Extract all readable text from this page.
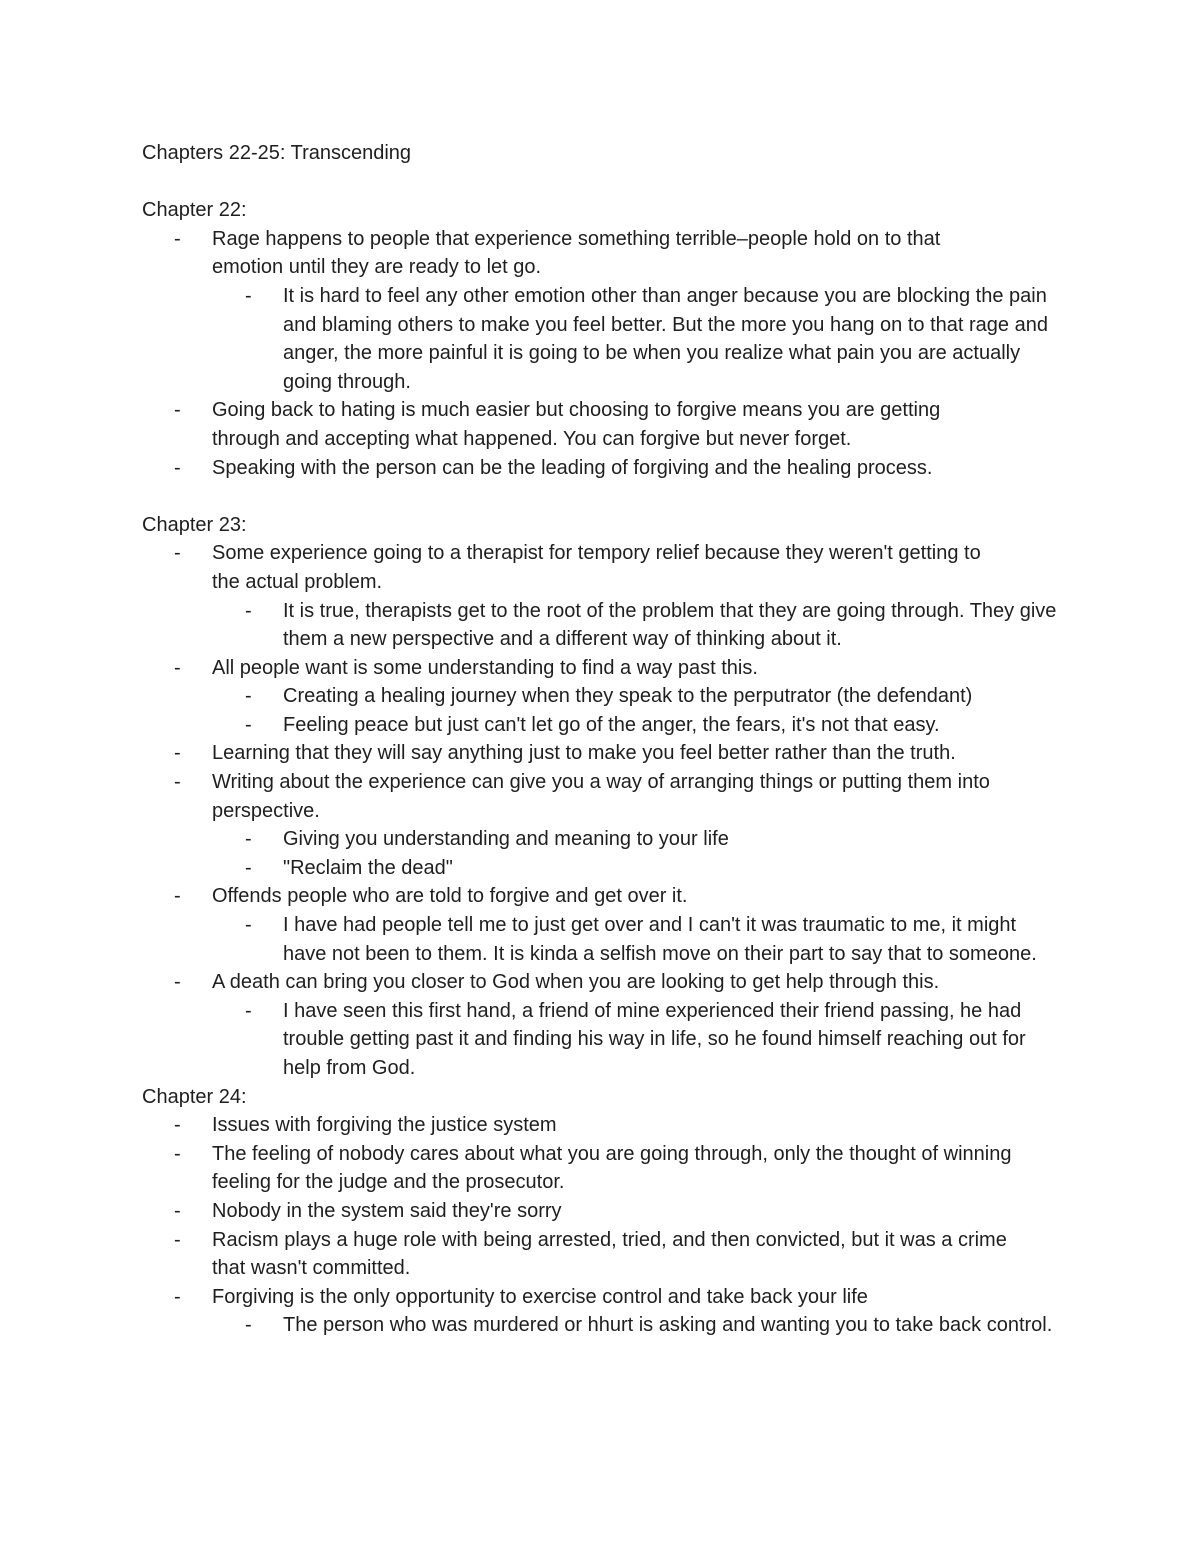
Chapters 22-25: Transcending

Chapter 22:

-	Rage happens to people that experience something terrible–people hold on to that emotion until they are ready to let go.
-	It is hard to feel any other emotion other than anger because you are blocking the pain and blaming others to make you feel better. But the more you hang on to that rage and anger, the more painful it is going to be when you realize what pain you are actually going through.
-	Going back to hating is much easier but choosing to forgive means you are getting through and accepting what happened. You can forgive but never forget.
-	Speaking with the person can be the leading of forgiving and the healing process.

Chapter 23:

-	Some experience going to a therapist for tempory relief because they weren't getting to the actual problem.
-	It is true, therapists get to the root of the problem that they are going through. They give them a new perspective and a different way of thinking about it.
-	All people want is some understanding to find a way past this.
-	Creating a healing journey when they speak to the perputrator (the defendant)
-	Feeling peace but just can't let go of the anger, the fears, it's not that easy.
-	Learning that they will say anything just to make you feel better rather than the truth.
-	Writing about the experience can give you a way of arranging things or putting them into perspective.
-	Giving you understanding and meaning to your life
-	"Reclaim the dead"
-	Offends people who are told to forgive and get over it.
-	I have had people tell me to just get over and I can't it was traumatic to me, it might have not been to them. It is kinda a selfish move on their part to say that to someone.
-	A death can bring you closer to God when you are looking to get help through this.
-	I have seen this first hand, a friend of mine experienced their friend passing, he had trouble getting past it and finding his way in life, so he found himself reaching out for help from God.

Chapter 24:

-	Issues with forgiving the justice system
-	The feeling of nobody cares about what you are going through, only the thought of winning feeling for the judge and the prosecutor.
-	Nobody in the system said they're sorry
-	Racism plays a huge role with being arrested, tried, and then convicted, but it was a crime that wasn't committed.
-	Forgiving is the only opportunity to exercise control and take back your life
-	The person who was murdered or hhurt is asking and wanting you to take back control.
